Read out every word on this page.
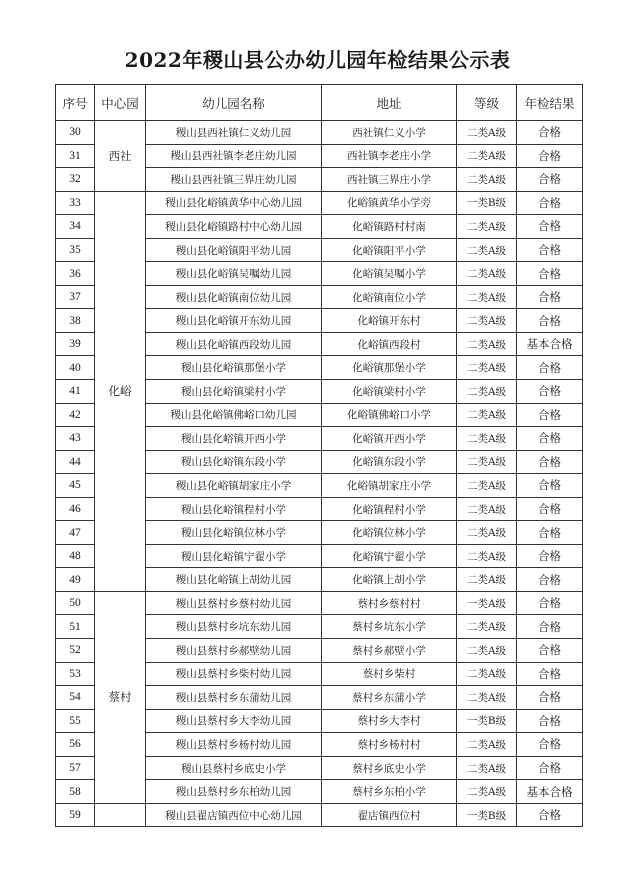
2022年稷山县公办幼儿园年检结果公示表
序号	中心园	幼儿园名称	地址	等级	年检结果
30	西社	稷山县西社镇仁义幼儿园	西社镇仁义小学	二类A级	合格
31		稷山县西社镇李老庄幼儿园	西社镇李老庄小学	二类A级	合格
32		稷山县西社镇三界庄幼儿园	西社镇三界庄小学	二类A级	合格
33	化峪	稷山县化峪镇黄华中心幼儿园	化峪镇黄华小学旁	一类B级	合格
34		稷山县化峪镇路村中心幼儿园	化峪镇路村村南	二类A级	合格
35		稷山县化峪镇阳平幼儿园	化峪镇阳平小学	二类A级	合格
36		稷山县化峪镇吴嘱幼儿园	化峪镇吴嘱小学	二类A级	合格
37		稷山县化峪镇南位幼儿园	化峪镇南位小学	二类A级	合格
38		稷山县化峪镇开东幼儿园	化峪镇开东村	二类A级	合格
39		稷山县化峪镇西段幼儿园	化峪镇西段村	二类A级	基本合格
40		稷山县化峪镇那堡小学	化峪镇那堡小学	二类A级	合格
41		稷山县化峪镇梁村小学	化峪镇梁村小学	二类A级	合格
42		稷山县化峪镇佛峪口幼儿园	化峪镇佛峪口小学	二类A级	合格
43		稷山县化峪镇开西小学	化峪镇开西小学	二类A级	合格
44		稷山县化峪镇东段小学	化峪镇东段小学	二类A级	合格
45		稷山县化峪镇胡家庄小学	化峪镇胡家庄小学	二类A级	合格
46		稷山县化峪镇程村小学	化峪镇程村小学	二类A级	合格
47		稷山县化峪镇位林小学	化峪镇位林小学	二类A级	合格
48		稷山县化峪镇宁翟小学	化峪镇宁翟小学	二类A级	合格
49		稷山县化峪镇上胡幼儿园	化峪镇上胡小学	二类A级	合格
50	蔡村	稷山县蔡村乡蔡村幼儿园	蔡村乡蔡村村	一类A级	合格
51		稷山县蔡村乡坑东幼儿园	蔡村乡坑东小学	二类A级	合格
52		稷山县蔡村乡郝壁幼儿园	蔡村乡郝壁小学	二类A级	合格
53		稷山县蔡村乡柴村幼儿园	蔡村乡柴村	二类A级	合格
54		稷山县蔡村乡东蒲幼儿园	蔡村乡东蒲小学	二类A级	合格
55		稷山县蔡村乡大李幼儿园	蔡村乡大李村	一类B级	合格
56		稷山县蔡村乡杨村幼儿园	蔡村乡杨村村	二类A级	合格
57		稷山县蔡村乡底史小学	蔡村乡底史小学	二类A级	合格
58		稷山县蔡村乡东柏幼儿园	蔡村乡东柏小学	二类A级	基本合格
59		稷山县翟店镇西位中心幼儿园	翟店镇西位村	一类B级	合格
